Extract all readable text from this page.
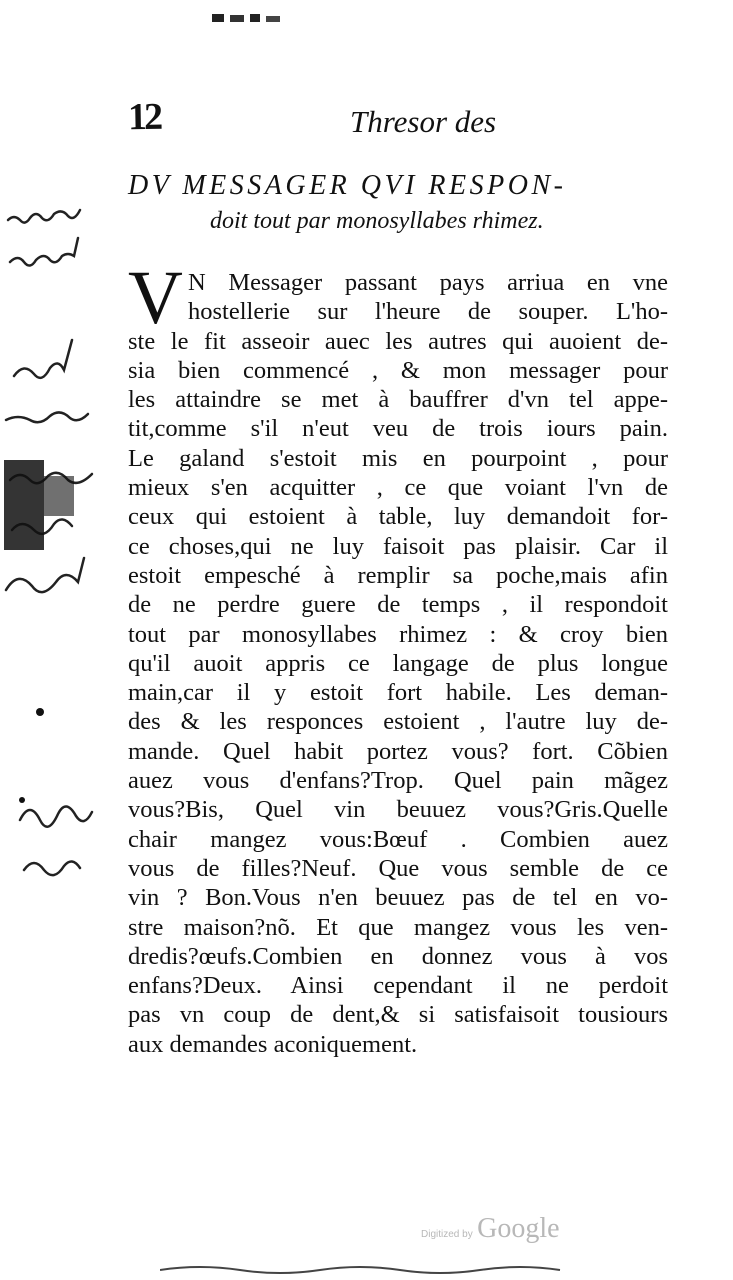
12	Thresor des
DV MESSAGER QVI RESPON-
doit tout par monosyllabes rhimez.
V N Messager passant pays arriua en vne
hostellerie sur l'heure de souper. L'ho-
ste le fit asseoir auec les autres qui auoient de-
sia bien commencé , & mon messager pour
les attaindre se met à bauffrer d'vn tel appe-
tit,comme s'il n'eut veu de trois iours pain.
Le galand s'estoit mis en pourpoint , pour
mieux s'en acquitter , ce que voiant l'vn de
ceux qui estoient à table, luy demandoit for-
ce choses,qui ne luy faisoit pas plaisir. Car il
estoit empesché à remplir sa poche,mais afin
de ne perdre guere de temps , il respondoit
tout par monosyllabes rhimez : & croy bien
qu'il auoit appris ce langage de plus longue
main,car il y estoit fort habile. Les deman-
des & les responces estoient , l'autre luy de-
mande. Quel habit portez vous? fort. Cõbien
auez vous d'enfans?Trop. Quel pain mãgez
vous?Bis, Quel vin beuuez vous?Gris.Quelle
chair mangez vous:Bœuf . Combien auez
vous de filles?Neuf. Que vous semble de ce
vin ? Bon.Vous n'en beuuez pas de tel en vo-
stre maison?nõ. Et que mangez vous les ven-
dredis?œufs.Combien en donnez vous à vos
enfans?Deux. Ainsi cependant il ne perdoit
pas vn coup de dent,& si satisfaisoit tousiours
aux demandes aconiquement.
Digitized by Google
